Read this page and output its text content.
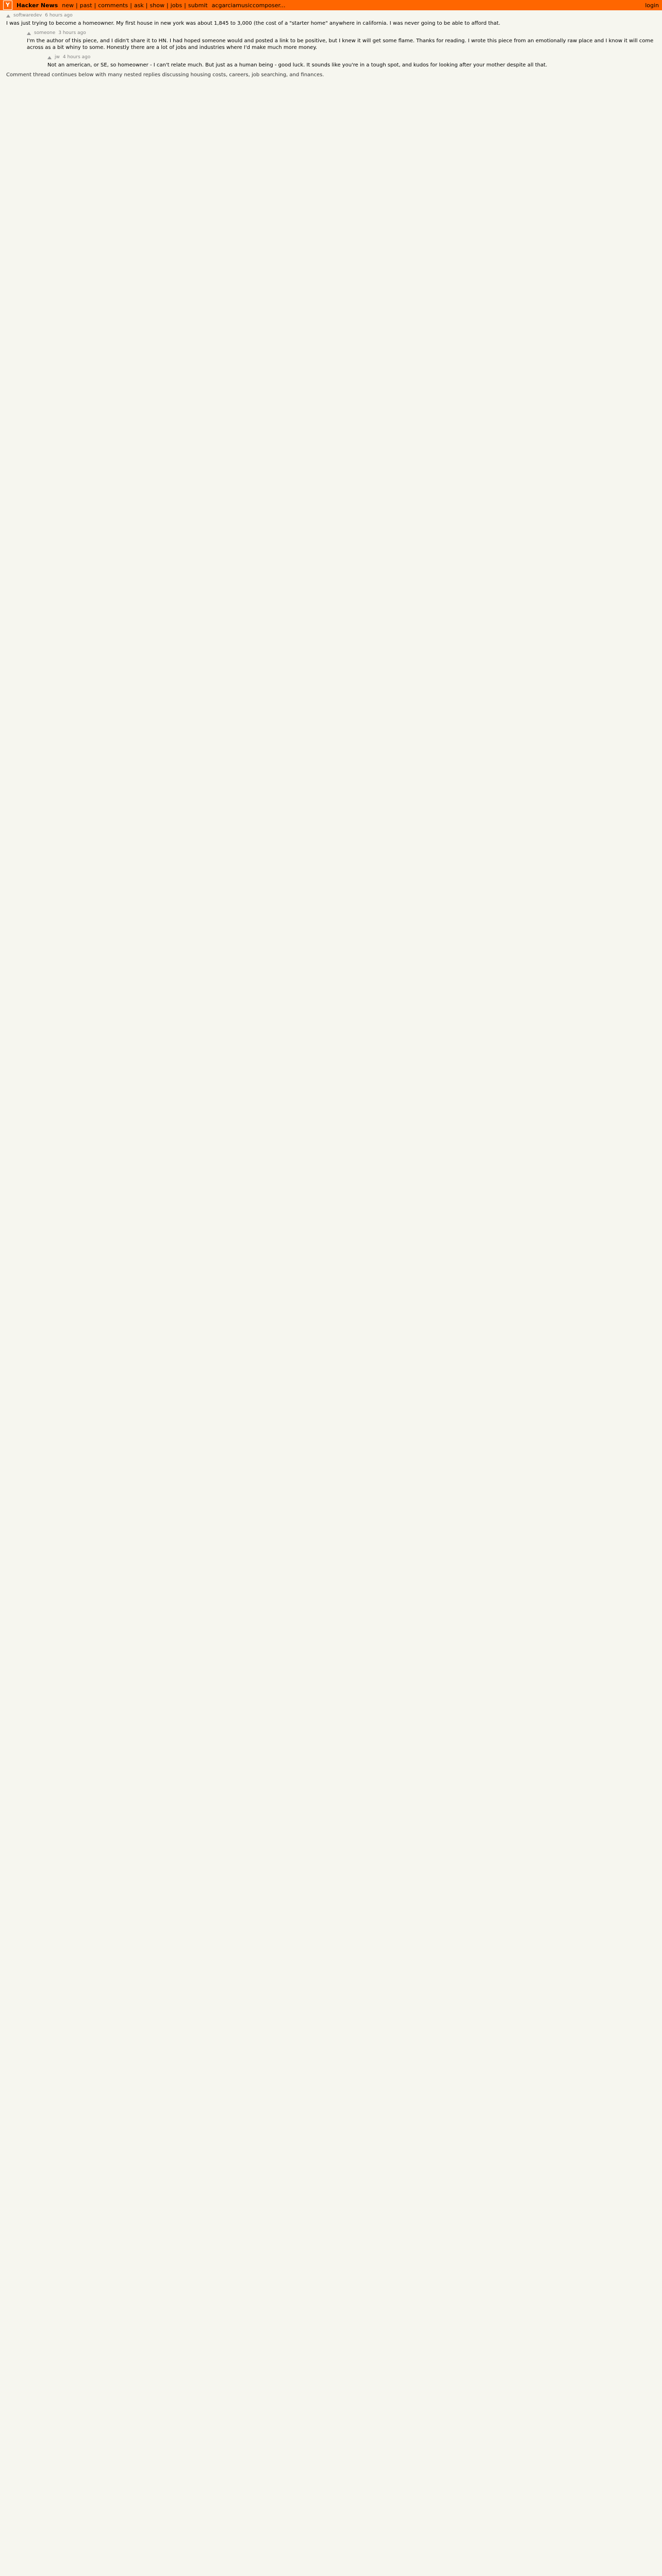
Y	Hacker News new | past | comments | ask | show | jobs | submit acgarciamusiccomposer...	login
softwaredev 6 hours ago

I was just trying to become a homeowner. My first house in new york was about 1,845 to 3,000 (the cost of a "starter home" anywhere in california. I was never going to be able to afford that.

someone 3 hours ago

I'm the author of this piece, and I didn't share it to HN. I had hoped someone would and posted a link to be positive, but I knew it will get some flame. Thanks for reading. I wrote this piece from an emotionally raw place and I know it will come across as a bit whiny to some. Honestly there are a lot of jobs and industries where I'd make much more money.

jw 4 hours ago

Not an american, or SE, so homeowner - I can't relate much. But just as a human being - good luck. It sounds like you're in a tough spot, and kudos for looking after your mother despite all that.

Comment thread continues below with many nested replies discussing housing costs, careers, job searching, and finances.
